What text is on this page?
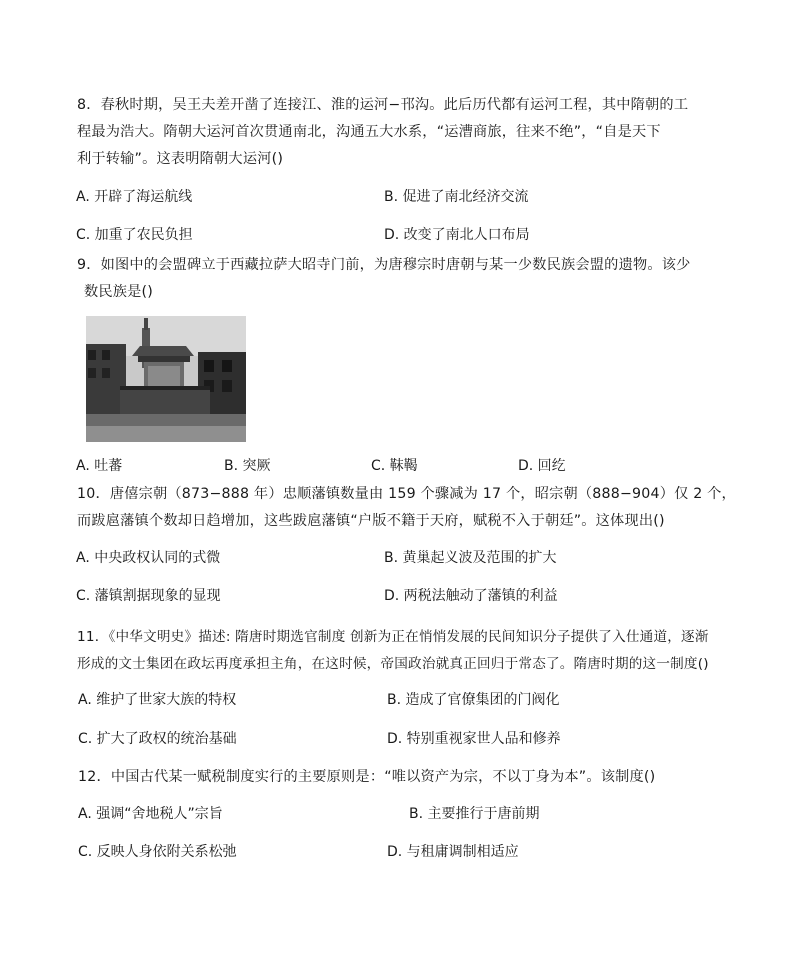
8．春秋时期，吴王夫差开凿了连接江、淮的运河−邗沟。此后历代都有运河工程，其中隋朝的工
程最为浩大。隋朝大运河首次贯通南北，沟通五大水系，“运漕商旅，往来不绝”，“自是天下
利于转输”。这表明隋朝大运河()
A. 开辟了海运航线	B. 促进了南北经济交流
C. 加重了农民负担	D. 改变了南北人口布局
9．如图中的会盟碑立于西藏拉萨大昭寺门前，为唐穆宗时唐朝与某一少数民族会盟的遗物。该少
数民族是()
A. 吐蕃	B. 突厥	C. 靺鞨	D. 回纥
10．唐僖宗朝（873−888 年）忠顺藩镇数量由 159 个骤减为 17 个，昭宗朝（888−904）仅 2 个，
而跋扈藩镇个数却日趋增加，这些跋扈藩镇“户版不籍于天府，赋税不入于朝廷”。这体现出()
A. 中央政权认同的式微	B. 黄巢起义波及范围的扩大
C. 藩镇割据现象的显现	D. 两税法触动了藩镇的利益
11．《中华文明史》描述: 隋唐时期选官制度 创新为正在悄悄发展的民间知识分子提供了入仕通道，逐渐
形成的文士集团在政坛再度承担主角，在这时候，帝国政治就真正回归于常态了。隋唐时期的这一制度()
A. 维护了世家大族的特权	B. 造成了官僚集团的门阀化
C. 扩大了政权的统治基础	D. 特别重视家世人品和修养
12．中国古代某一赋税制度实行的主要原则是：“唯以资产为宗，不以丁身为本”。该制度()
A. 强调“舍地税人”宗旨	B. 主要推行于唐前期
C. 反映人身依附关系松弛	D. 与租庸调制相适应
